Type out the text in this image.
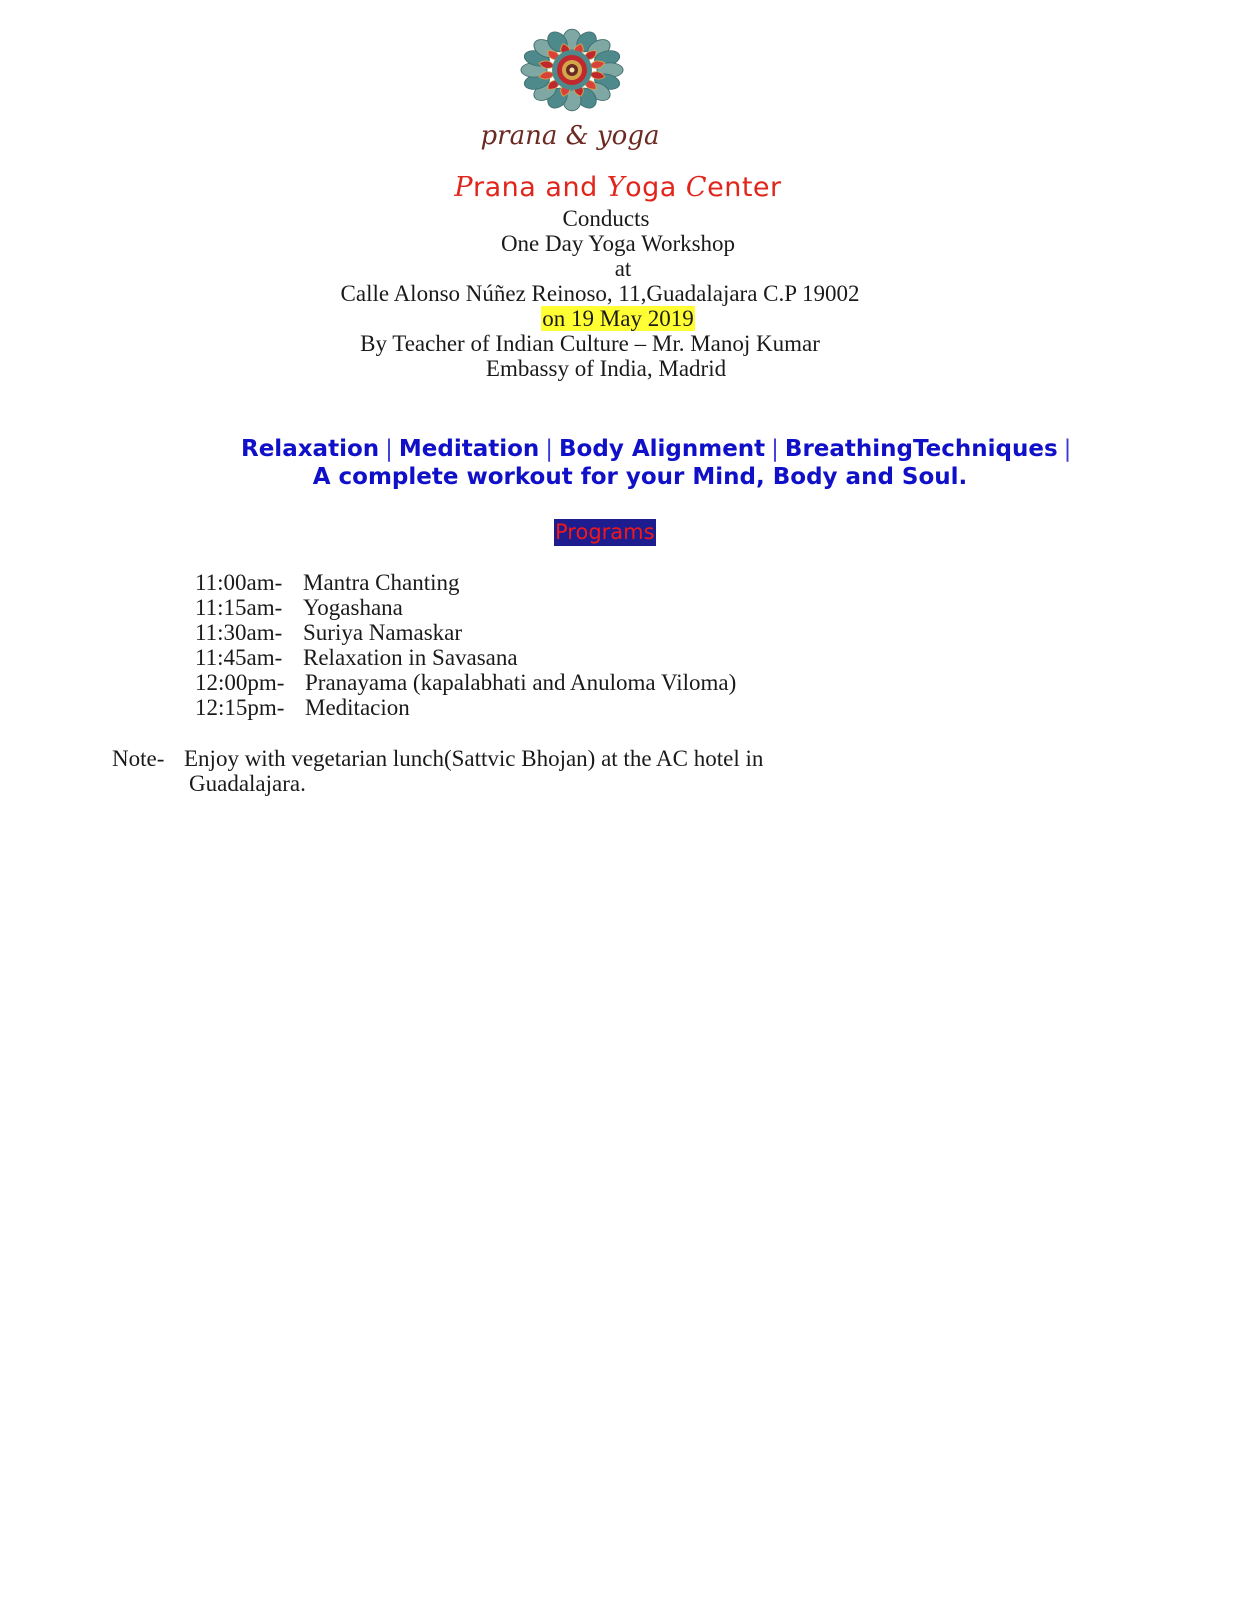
prana & yoga
Prana and Yoga Center
Conducts
One Day Yoga Workshop
at
Calle Alonso Núñez Reinoso, 11,Guadalajara C.P 19002
on 19 May 2019
By Teacher of Indian Culture – Mr. Manoj Kumar
Embassy of India, Madrid
Relaxation | Meditation | Body Alignment | BreathingTechniques |
A complete workout for your Mind, Body and Soul.
Programs
11:00am- Mantra Chanting
11:15am- Yogashana
11:30am- Suriya Namaskar
11:45am- Relaxation in Savasana
12:00pm- Pranayama (kapalabhati and Anuloma Viloma)
12:15pm- Meditacion
Note- Enjoy with vegetarian lunch(Sattvic Bhojan) at the AC hotel in
Guadalajara.
